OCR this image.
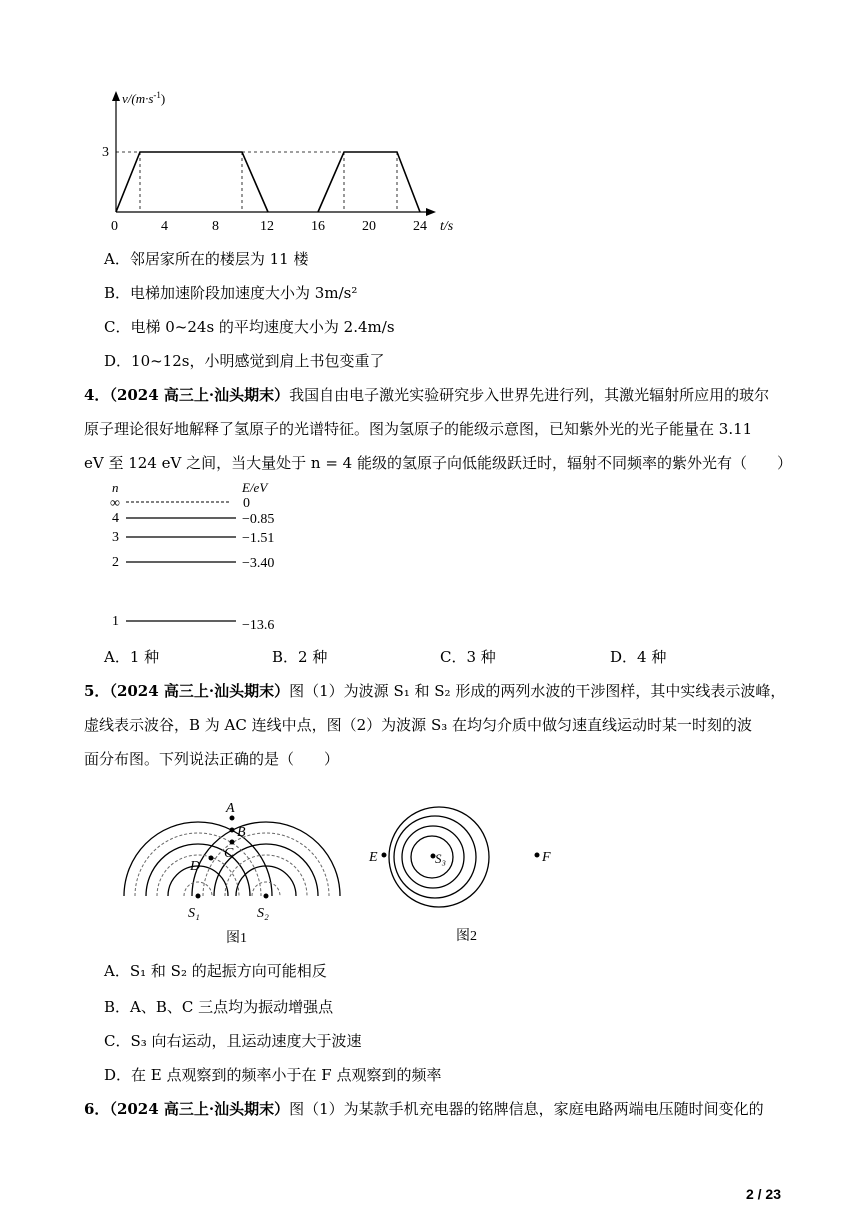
$v/(m\cdot s^{-1})$
3
0	4	8	12	16	20	24 t/s
A．邻居家所在的楼层为 11 楼
B．电梯加速阶段加速度大小为 3m/s²
C．电梯 0~24s 的平均速度大小为 2.4m/s
D．10~12s，小明感觉到肩上书包变重了
4．（2024 高三上·汕头期末）我国自由电子激光实验研究步入世界先进行列，其激光辐射所应用的玻尔
原子理论很好地解释了氢原子的光谱特征。图为氢原子的能级示意图，已知紫外光的光子能量在 3.11
eV 至 124 eV 之间，当大量处于 n = 4 能级的氢原子向低能级跃迁时，辐射不同频率的紫外光有（　　）
n	E/eV
∞	0
4	−0.85
3	−1.51
2	−3.40
1	−13.6
A．1 种	B．2 种	C．3 种	D．4 种
5．（2024 高三上·汕头期末）图（1）为波源 S₁ 和 S₂ 形成的两列水波的干涉图样，其中实线表示波峰，
虚线表示波谷，B 为 AC 连线中点，图（2）为波源 S₃ 在均匀介质中做匀速直线运动时某一时刻的波
面分布图。下列说法正确的是（　　）
A
B
C
D
S₁	S₂
图1
S₃
E	F
图2
A．S₁ 和 S₂ 的起振方向可能相反
B．A、B、C 三点均为振动增强点
C．S₃ 向右运动，且运动速度大于波速
D．在 E 点观察到的频率小于在 F 点观察到的频率
6．（2024 高三上·汕头期末）图（1）为某款手机充电器的铭牌信息，家庭电路两端电压随时间变化的
2 / 23
